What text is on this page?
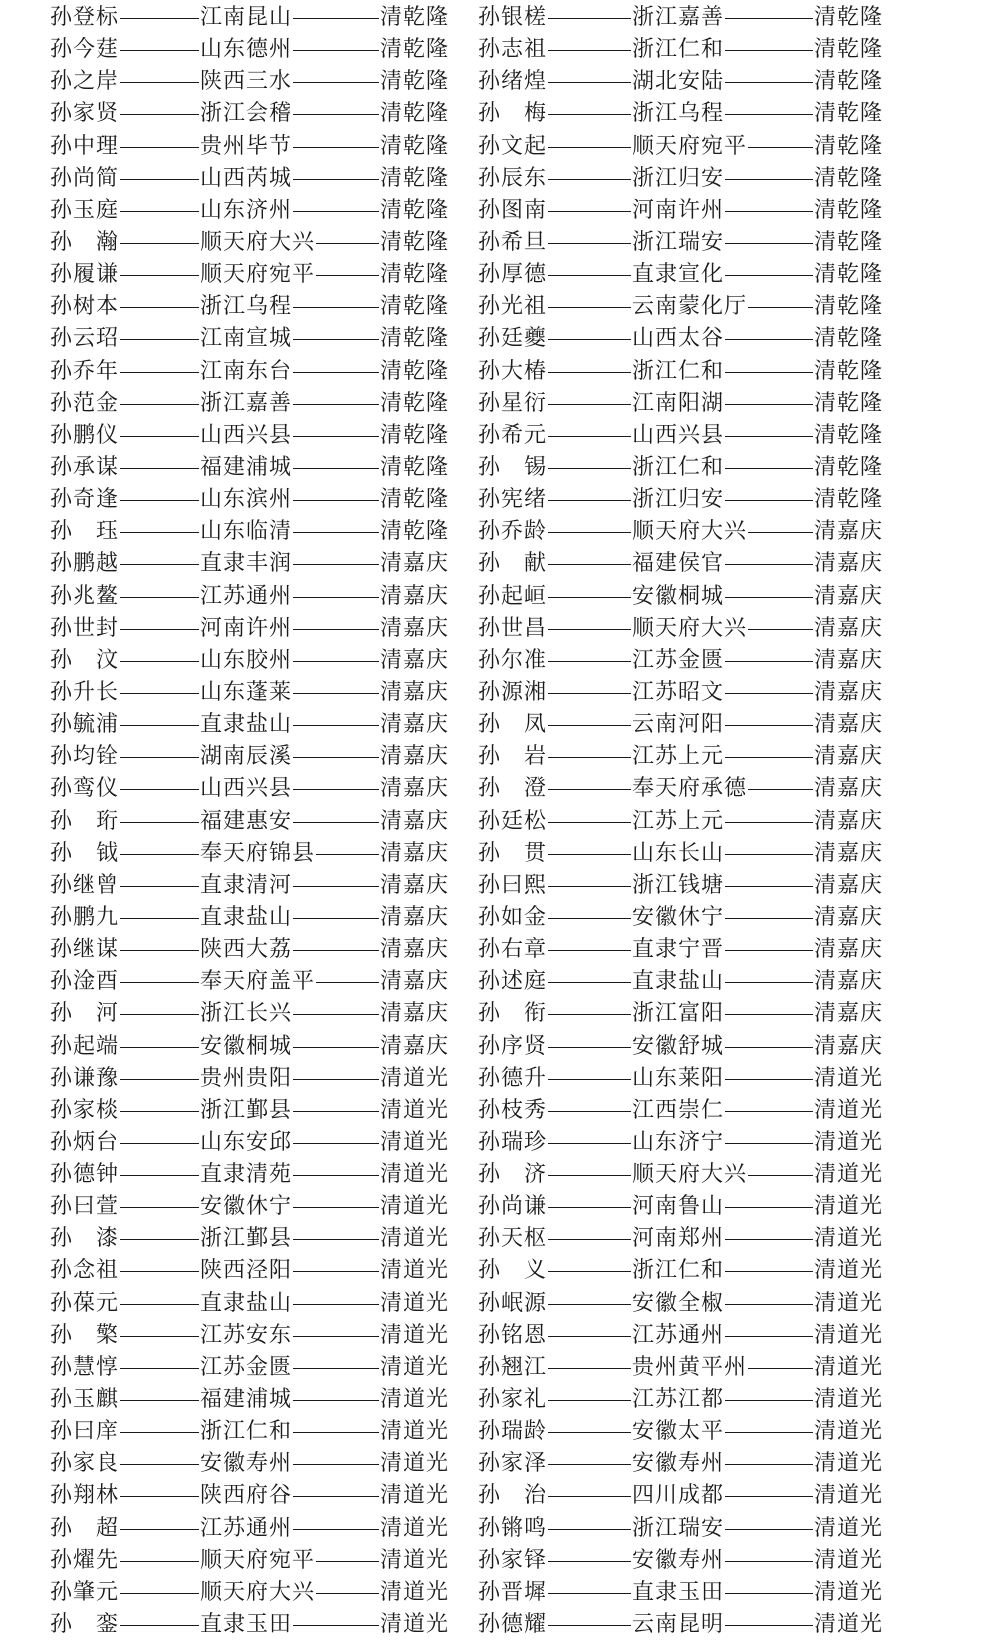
孙登标	江南昆山	清乾隆
孙今莛	山东德州	清乾隆
孙之岸	陕西三水	清乾隆
孙家贤	浙江会稽	清乾隆
孙中理	贵州毕节	清乾隆
孙尚简	山西芮城	清乾隆
孙玉庭	山东济州	清乾隆
孙　瀚	顺天府大兴	清乾隆
孙履谦	顺天府宛平	清乾隆
孙树本	浙江乌程	清乾隆
孙云玿	江南宣城	清乾隆
孙乔年	江南东台	清乾隆
孙范金	浙江嘉善	清乾隆
孙鹏仪	山西兴县	清乾隆
孙承谋	福建浦城	清乾隆
孙奇逢	山东滨州	清乾隆
孙　珏	山东临清	清乾隆
孙鹏越	直隶丰润	清嘉庆
孙兆鳌	江苏通州	清嘉庆
孙世封	河南许州	清嘉庆
孙　汶	山东胶州	清嘉庆
孙升长	山东蓬莱	清嘉庆
孙毓浦	直隶盐山	清嘉庆
孙均铨	湖南辰溪	清嘉庆
孙鸾仪	山西兴县	清嘉庆
孙　珩	福建惠安	清嘉庆
孙　钺	奉天府锦县	清嘉庆
孙继曾	直隶清河	清嘉庆
孙鹏九	直隶盐山	清嘉庆
孙继谋	陕西大荔	清嘉庆
孙淦酉	奉天府盖平	清嘉庆
孙　河	浙江长兴	清嘉庆
孙起端	安徽桐城	清嘉庆
孙谦豫	贵州贵阳	清道光
孙家棪	浙江鄞县	清道光
孙炳台	山东安邱	清道光
孙德钟	直隶清苑	清道光
孙曰萱	安徽休宁	清道光
孙　漆	浙江鄞县	清道光
孙念祖	陕西泾阳	清道光
孙葆元	直隶盐山	清道光
孙　檠	江苏安东	清道光
孙慧惇	江苏金匮	清道光
孙玉麒	福建浦城	清道光
孙曰庠	浙江仁和	清道光
孙家良	安徽寿州	清道光
孙翔林	陕西府谷	清道光
孙　超	江苏通州	清道光
孙燿先	顺天府宛平	清道光
孙肇元	顺天府大兴	清道光
孙　銮	直隶玉田	清道光
孙银槎	浙江嘉善	清乾隆
孙志祖	浙江仁和	清乾隆
孙绪煌	湖北安陆	清乾隆
孙　梅	浙江乌程	清乾隆
孙文起	顺天府宛平	清乾隆
孙辰东	浙江归安	清乾隆
孙图南	河南许州	清乾隆
孙希旦	浙江瑞安	清乾隆
孙厚德	直隶宣化	清乾隆
孙光祖	云南蒙化厅	清乾隆
孙廷夔	山西太谷	清乾隆
孙大椿	浙江仁和	清乾隆
孙星衍	江南阳湖	清乾隆
孙希元	山西兴县	清乾隆
孙　锡	浙江仁和	清乾隆
孙宪绪	浙江归安	清乾隆
孙乔龄	顺天府大兴	清嘉庆
孙　献	福建侯官	清嘉庆
孙起峘	安徽桐城	清嘉庆
孙世昌	顺天府大兴	清嘉庆
孙尔准	江苏金匮	清嘉庆
孙源湘	江苏昭文	清嘉庆
孙　凤	云南河阳	清嘉庆
孙　岩	江苏上元	清嘉庆
孙　澄	奉天府承德	清嘉庆
孙廷松	江苏上元	清嘉庆
孙　贯	山东长山	清嘉庆
孙曰熙	浙江钱塘	清嘉庆
孙如金	安徽休宁	清嘉庆
孙右章	直隶宁晋	清嘉庆
孙述庭	直隶盐山	清嘉庆
孙　衔	浙江富阳	清嘉庆
孙序贤	安徽舒城	清嘉庆
孙德升	山东莱阳	清道光
孙枝秀	江西崇仁	清道光
孙瑞珍	山东济宁	清道光
孙　济	顺天府大兴	清道光
孙尚谦	河南鲁山	清道光
孙天枢	河南郑州	清道光
孙　义	浙江仁和	清道光
孙岷源	安徽全椒	清道光
孙铭恩	江苏通州	清道光
孙翘江	贵州黄平州	清道光
孙家礼	江苏江都	清道光
孙瑞龄	安徽太平	清道光
孙家泽	安徽寿州	清道光
孙　治	四川成都	清道光
孙锵鸣	浙江瑞安	清道光
孙家铎	安徽寿州	清道光
孙晋墀	直隶玉田	清道光
孙德耀	云南昆明	清道光
